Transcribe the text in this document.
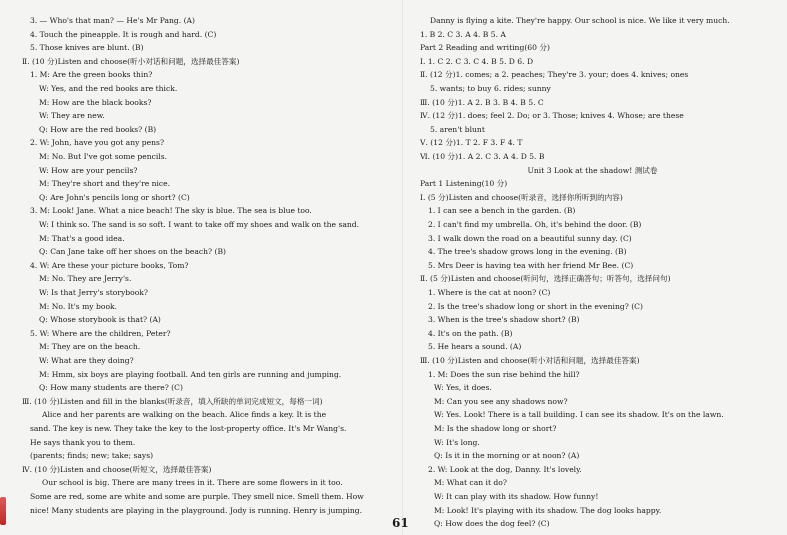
3. — Who's that man? — He's Mr Pang. (A)
4. Touch the pineapple. It is rough and hard. (C)
5. Those knives are blunt. (B)
Ⅱ. (10 分)Listen and choose(听小对话和问题，选择最佳答案)
1. M: Are the green books thin?
W: Yes, and the red books are thick.
M: How are the black books?
W: They are new.
Q: How are the red books? (B)
2. W: John, have you got any pens?
M: No. But I've got some pencils.
W: How are your pencils?
M: They're short and they're nice.
Q: Are John's pencils long or short? (C)
3. M: Look! Jane. What a nice beach! The sky is blue. The sea is blue too.
W: I think so. The sand is so soft. I want to take off my shoes and walk on the sand.
M: That's a good idea.
Q: Can Jane take off her shoes on the beach? (B)
4. W: Are these your picture books, Tom?
M: No. They are Jerry's.
W: Is that Jerry's storybook?
M: No. It's my book.
Q: Whose storybook is that? (A)
5. W: Where are the children, Peter?
M: They are on the beach.
W: What are they doing?
M: Hmm, six boys are playing football. And ten girls are running and jumping.
Q: How many students are there? (C)
Ⅲ. (10 分)Listen and fill in the blanks(听录音，填入所缺的单词完成短文，每格一词)
Alice and her parents are walking on the beach. Alice finds a key. It is the
sand. The key is new. They take the key to the lost-property office. It's Mr Wang's.
He says thank you to them.
(parents; finds; new; take; says)
Ⅳ. (10 分)Listen and choose(听短文，选择最佳答案)
Our school is big. There are many trees in it. There are some flowers in it too.
Some are red, some are white and some are purple. They smell nice. Smell them. How
nice! Many students are playing in the playground. Jody is running. Henry is jumping.
Danny is flying a kite. They're happy. Our school is nice. We like it very much.
1. B 2. C 3. A 4. B 5. A
Part 2 Reading and writing(60 分)
Ⅰ. 1. C 2. C 3. C 4. B 5. D 6. D
Ⅱ. (12 分)1. comes; a 2. peaches; They're 3. your; does 4. knives; ones
5. wants; to buy 6. rides; sunny
Ⅲ. (10 分)1. A 2. B 3. B 4. B 5. C
Ⅳ. (12 分)1. does; feel 2. Do; or 3. Those; knives 4. Whose; are these
5. aren't blunt
Ⅴ. (12 分)1. T 2. F 3. F 4. T
Ⅵ. (10 分)1. A 2. C 3. A 4. D 5. B
Unit 3 Look at the shadow! 测试卷
Part 1 Listening(10 分)
Ⅰ. (5 分)Listen and choose(听录音，选择你所听到的内容)
1. I can see a bench in the garden. (B)
2. I can't find my umbrella. Oh, it's behind the door. (B)
3. I walk down the road on a beautiful sunny day. (C)
4. The tree's shadow grows long in the evening. (B)
5. Mrs Deer is having tea with her friend Mr Bee. (C)
Ⅱ. (5 分)Listen and choose(听问句，选择正确答句；听答句，选择问句)
1. Where is the cat at noon? (C)
2. Is the tree's shadow long or short in the evening? (C)
3. When is the tree's shadow short? (B)
4. It's on the path. (B)
5. He hears a sound. (A)
Ⅲ. (10 分)Listen and choose(听小对话和问题，选择最佳答案)
1. M: Does the sun rise behind the hill?
W: Yes, it does.
M: Can you see any shadows now?
W: Yes. Look! There is a tall building. I can see its shadow. It's on the lawn.
M: Is the shadow long or short?
W: It's long.
Q: Is it in the morning or at noon? (A)
2. W: Look at the dog, Danny. It's lovely.
M: What can it do?
W: It can play with its shadow. How funny!
M: Look! It's playing with its shadow. The dog looks happy.
Q: How does the dog feel? (C)
61
